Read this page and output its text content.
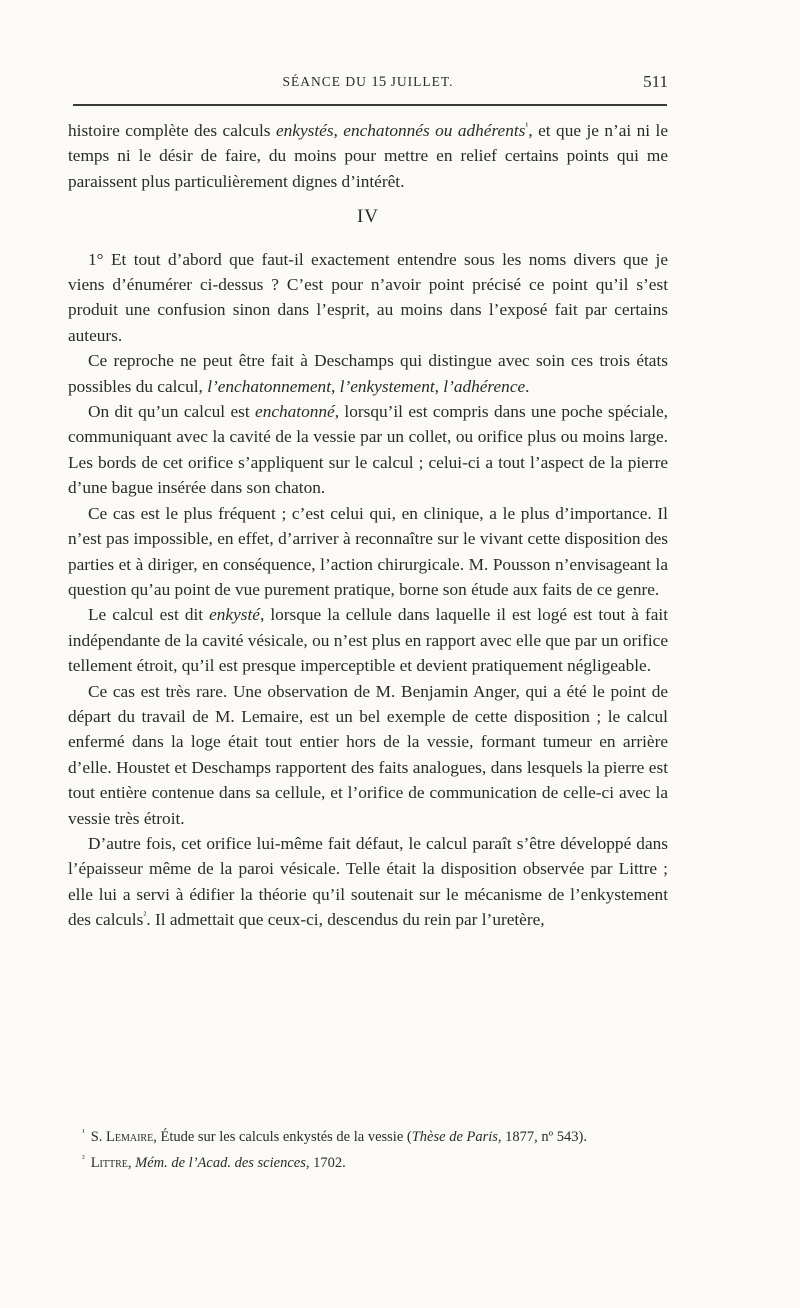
SÉANCE DU 15 JUILLET.	511

histoire complète des calculs enkystés, enchatonnés ou adhérents$^{^1}$, et que je n’ai ni le temps ni le désir de faire, du moins pour mettre en relief certains points qui me paraissent plus particulièrement dignes d’intérêt.

IV

1° Et tout d’abord que faut-il exactement entendre sous les noms divers que je viens d’énumérer ci-dessus ? C’est pour n’avoir point précisé ce point qu’il s’est produit une confusion sinon dans l’esprit, au moins dans l’exposé fait par certains auteurs.

Ce reproche ne peut être fait à Deschamps qui distingue avec soin ces trois états possibles du calcul, l’enchatonnement, l’enkystement, l’adhérence.

On dit qu’un calcul est enchatonné, lorsqu’il est compris dans une poche spéciale, communiquant avec la cavité de la vessie par un collet, ou orifice plus ou moins large. Les bords de cet orifice s’appliquent sur le calcul ; celui-ci a tout l’aspect de la pierre d’une bague insérée dans son chaton.

Ce cas est le plus fréquent ; c’est celui qui, en clinique, a le plus d’importance. Il n’est pas impossible, en effet, d’arriver à reconnaître sur le vivant cette disposition des parties et à diriger, en conséquence, l’action chirurgicale. M. Pousson n’envisageant la question qu’au point de vue purement pratique, borne son étude aux faits de ce genre.

Le calcul est dit enkysté, lorsque la cellule dans laquelle il est logé est tout à fait indépendante de la cavité vésicale, ou n’est plus en rapport avec elle que par un orifice tellement étroit, qu’il est presque imperceptible et devient pratiquement négligeable.

Ce cas est très rare. Une observation de M. Benjamin Anger, qui a été le point de départ du travail de M. Lemaire, est un bel exemple de cette disposition ; le calcul enfermé dans la loge était tout entier hors de la vessie, formant tumeur en arrière d’elle. Houstet et Deschamps rapportent des faits analogues, dans lesquels la pierre est tout entière contenue dans sa cellule, et l’orifice de communication de celle-ci avec la vessie très étroit.

D’autre fois, cet orifice lui-même fait défaut, le calcul paraît s’être développé dans l’épaisseur même de la paroi vésicale. Telle était la disposition observée par Littre ; elle lui a servi à édifier la théorie qu’il soutenait sur le mécanisme de l’enkystement des calculs$^{^2}$. Il admettait que ceux-ci, descendus du rein par l’uretère,

$^{^1}$ S. Lemaire, Étude sur les calculs enkystés de la vessie (Thèse de Paris, 1877, nº 543).

$^{^2}$ Littre, Mém. de l’Acad. des sciences, 1702.
